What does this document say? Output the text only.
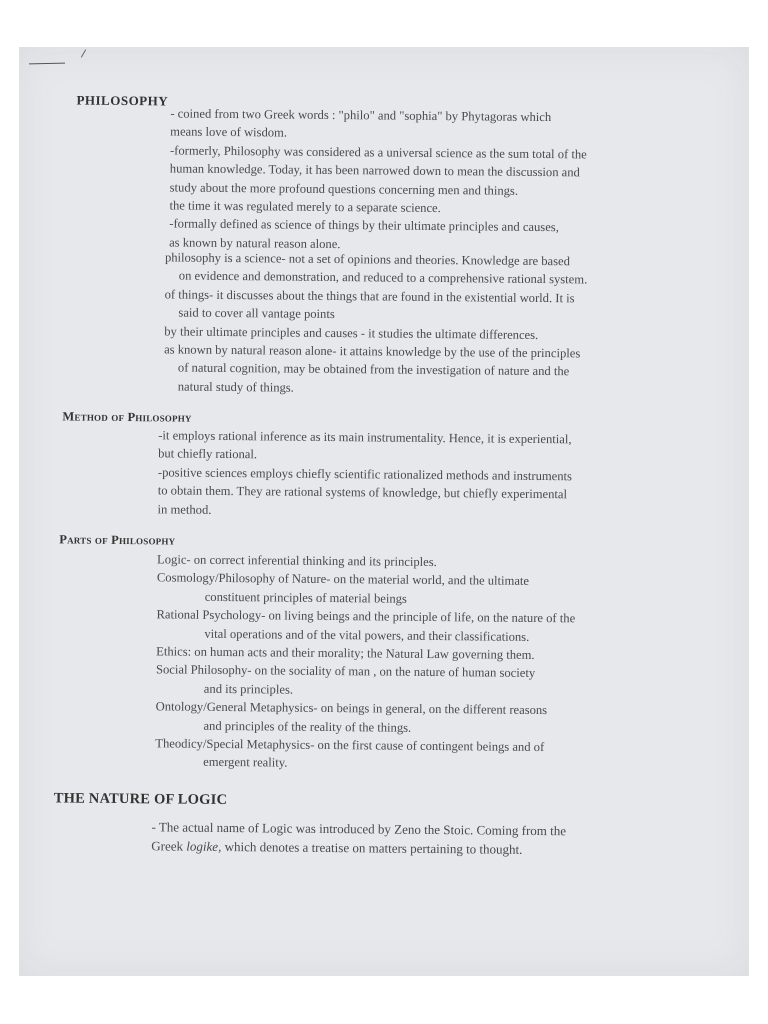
PHILOSOPHY

- coined from two Greek words : "philo" and "sophia" by Phytagoras which

means love of wisdom.

-formerly, Philosophy was considered as a universal science as the sum total of the

human knowledge. Today, it has been narrowed down to mean the discussion and

study about the more profound questions concerning men and things.

the time it was regulated merely to a separate science.

-formally defined as science of things by their ultimate principles and causes,

as known by natural reason alone.

philosophy is a science- not a set of opinions and theories. Knowledge are based

on evidence and demonstration, and reduced to a comprehensive rational system.

of things- it discusses about the things that are found in the existential world. It is

said to cover all vantage points

by their ultimate principles and causes - it studies the ultimate differences.

as known by natural reason alone- it attains knowledge by the use of the principles

of natural cognition, may be obtained from the investigation of nature and the

natural study of things.

Method of Philosophy

-it employs rational inference as its main instrumentality. Hence, it is experiential,

but chiefly rational.

-positive sciences employs chiefly scientific rationalized methods and instruments

to obtain them. They are rational systems of knowledge, but chiefly experimental

in method.

Parts of Philosophy

Logic- on correct inferential thinking and its principles.

Cosmology/Philosophy of Nature- on the material world, and the ultimate

constituent principles of material beings

Rational Psychology- on living beings and the principle of life, on the nature of the

vital operations and of the vital powers, and their classifications.

Ethics: on human acts and their morality; the Natural Law governing them.

Social Philosophy- on the sociality of man , on the nature of human society

and its principles.

Ontology/General Metaphysics- on beings in general, on the different reasons

and principles of the reality of the things.

Theodicy/Special Metaphysics- on the first cause of contingent beings and of

emergent reality.

THE NATURE OF LOGIC

- The actual name of Logic was introduced by Zeno the Stoic. Coming from the

Greek logike, which denotes a treatise on matters pertaining to thought.
